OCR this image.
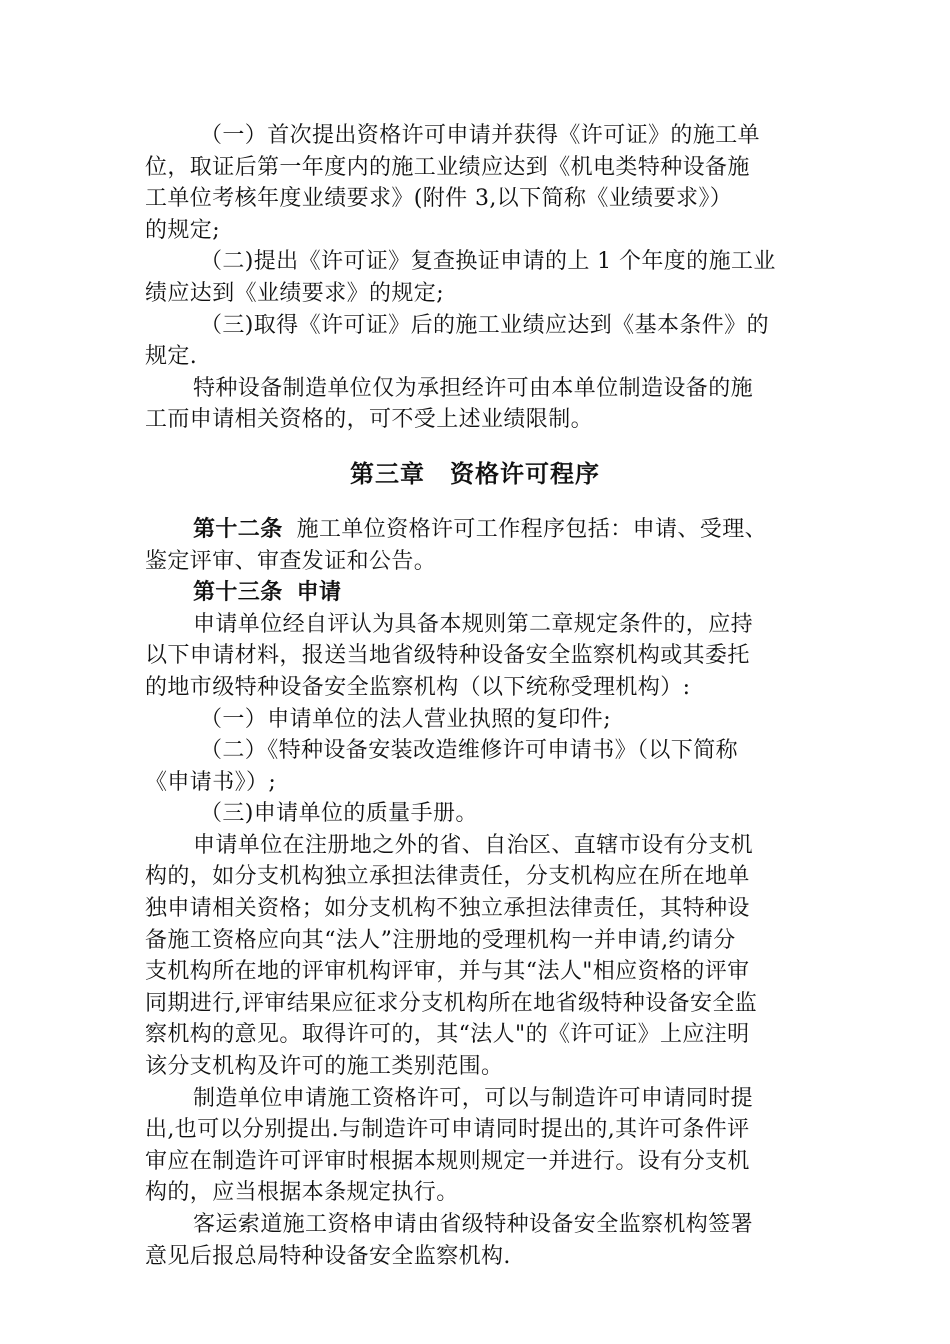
（一）首次提出资格许可申请并获得《许可证》的施工单
位，取证后第一年度内的施工业绩应达到《机电类特种设备施
工单位考核年度业绩要求》(附件 3,以下简称《业绩要求》）
的规定;
（二)提出《许可证》复查换证申请的上 1 个年度的施工业
绩应达到《业绩要求》的规定;
（三)取得《许可证》后的施工业绩应达到《基本条件》的
规定.
特种设备制造单位仅为承担经许可由本单位制造设备的施
工而申请相关资格的，可不受上述业绩限制。
第三章　资格许可程序
第十二条 施工单位资格许可工作程序包括：申请、受理、
鉴定评审、审查发证和公告。
第十三条 申请
申请单位经自评认为具备本规则第二章规定条件的，应持
以下申请材料，报送当地省级特种设备安全监察机构或其委托
的地市级特种设备安全监察机构（以下统称受理机构）:
（一）申请单位的法人营业执照的复印件;
（二）《特种设备安装改造维修许可申请书》（以下简称
《申请书》）;
（三)申请单位的质量手册。
申请单位在注册地之外的省、自治区、直辖市设有分支机
构的，如分支机构独立承担法律责任，分支机构应在所在地单
独申请相关资格；如分支机构不独立承担法律责任，其特种设
备施工资格应向其“法人”注册地的受理机构一并申请,约请分
支机构所在地的评审机构评审，并与其“法人"相应资格的评审
同期进行,评审结果应征求分支机构所在地省级特种设备安全监
察机构的意见。取得许可的，其“法人"的《许可证》上应注明
该分支机构及许可的施工类别范围。
制造单位申请施工资格许可，可以与制造许可申请同时提
出,也可以分别提出.与制造许可申请同时提出的,其许可条件评
审应在制造许可评审时根据本规则规定一并进行。设有分支机
构的，应当根据本条规定执行。
客运索道施工资格申请由省级特种设备安全监察机构签署
意见后报总局特种设备安全监察机构.
